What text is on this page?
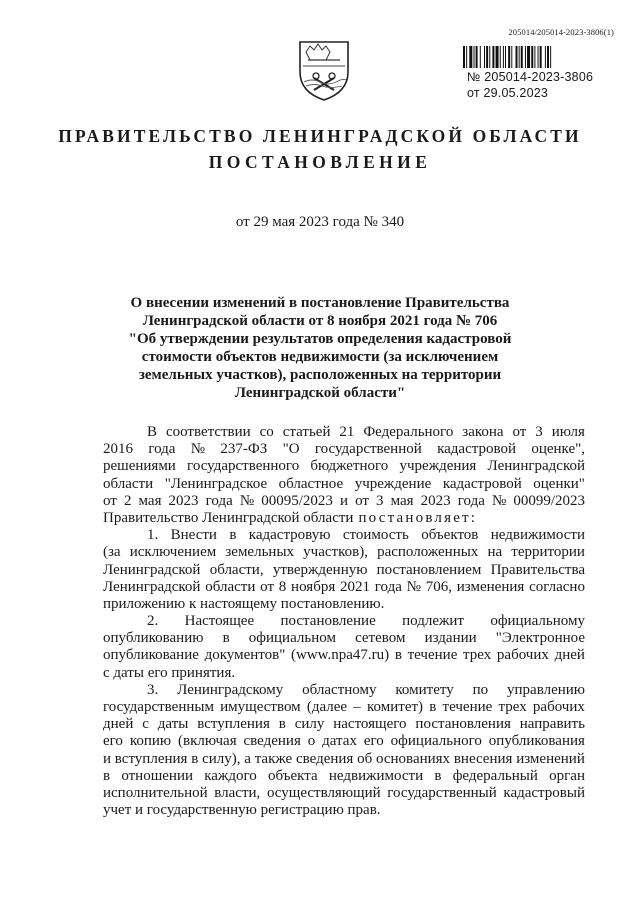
205014/205014-2023-3806(1)
№ 205014-2023-3806
от 29.05.2023
ПРАВИТЕЛЬСТВО ЛЕНИНГРАДСКОЙ ОБЛАСТИ
ПОСТАНОВЛЕНИЕ
от 29 мая 2023 года № 340
О внесении изменений в постановление Правительства
Ленинградской области от 8 ноября 2021 года № 706
"Об утверждении результатов определения кадастровой
стоимости объектов недвижимости (за исключением
земельных участков), расположенных на территории
Ленинградской области"
В соответствии со статьей 21 Федерального закона от 3 июля
2016 года № 237-ФЗ "О государственной кадастровой оценке",
решениями государственного бюджетного учреждения Ленинградской
области "Ленинградское областное учреждение кадастровой оценки"
от 2 мая 2023 года № 00095/2023 и от 3 мая 2023 года № 00099/2023
Правительство Ленинградской области постановляет:
1. Внести в кадастровую стоимость объектов недвижимости
(за исключением земельных участков), расположенных на территории
Ленинградской области, утвержденную постановлением Правительства
Ленинградской области от 8 ноября 2021 года № 706, изменения согласно
приложению к настоящему постановлению.
2. Настоящее постановление подлежит официальному
опубликованию в официальном сетевом издании "Электронное
опубликование документов" (www.npa47.ru) в течение трех рабочих дней
с даты его принятия.
3. Ленинградскому областному комитету по управлению
государственным имуществом (далее – комитет) в течение трех рабочих
дней с даты вступления в силу настоящего постановления направить
его копию (включая сведения о датах его официального опубликования
и вступления в силу), а также сведения об основаниях внесения изменений
в отношении каждого объекта недвижимости в федеральный орган
исполнительной власти, осуществляющий государственный кадастровый
учет и государственную регистрацию прав.
